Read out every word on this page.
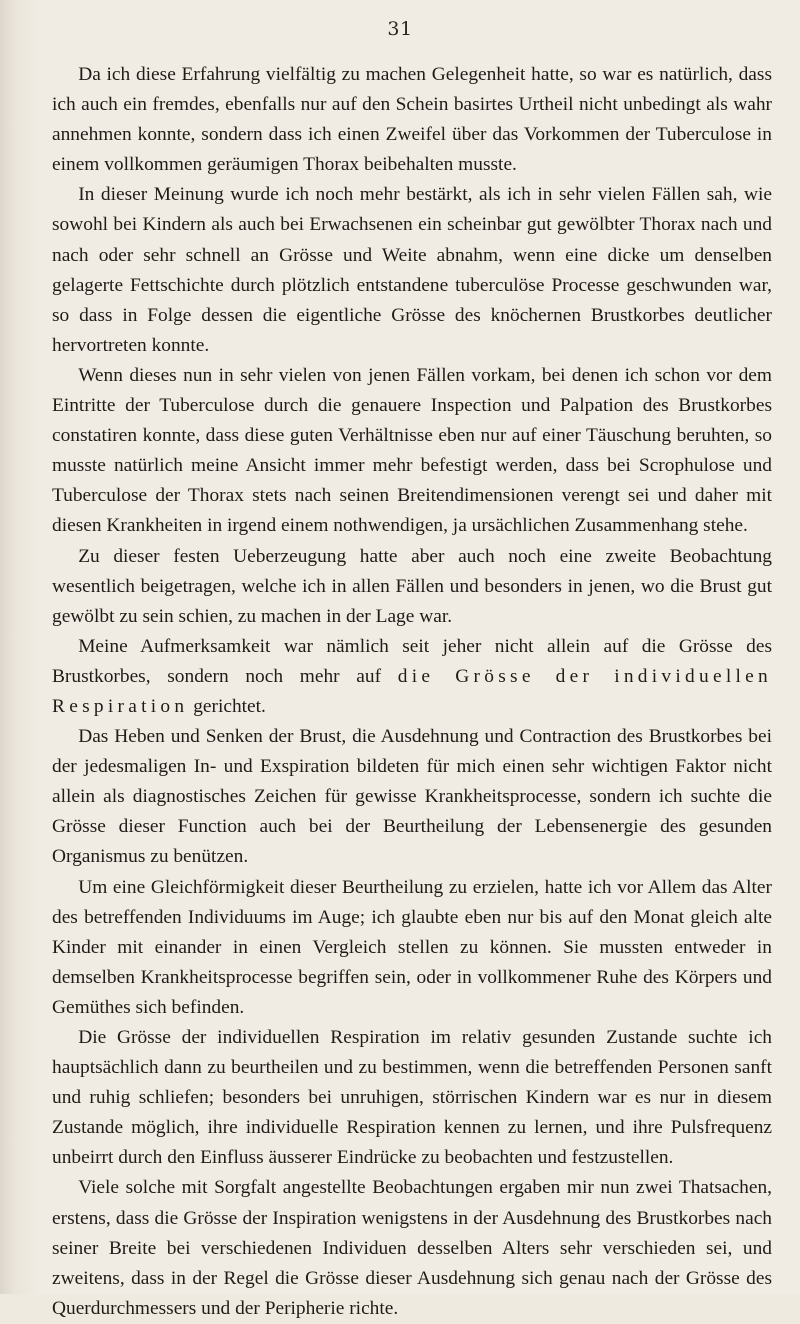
31

Da ich diese Erfahrung vielfältig zu machen Gelegenheit hatte, so war es natürlich, dass ich auch ein fremdes, ebenfalls nur auf den Schein basirtes Urtheil nicht unbedingt als wahr annehmen konnte, sondern dass ich einen Zweifel über das Vorkommen der Tuberculose in einem vollkommen geräumigen Thorax beibehalten musste.

In dieser Meinung wurde ich noch mehr bestärkt, als ich in sehr vielen Fällen sah, wie sowohl bei Kindern als auch bei Erwachsenen ein scheinbar gut gewölbter Thorax nach und nach oder sehr schnell an Grösse und Weite abnahm, wenn eine dicke um denselben gelagerte Fettschichte durch plötzlich entstandene tuberculöse Processe geschwunden war, so dass in Folge dessen die eigentliche Grösse des knöchernen Brustkorbes deutlicher hervortreten konnte.

Wenn dieses nun in sehr vielen von jenen Fällen vorkam, bei denen ich schon vor dem Eintritte der Tuberculose durch die genauere Inspection und Palpation des Brustkorbes constatiren konnte, dass diese guten Verhältnisse eben nur auf einer Täuschung beruhten, so musste natürlich meine Ansicht immer mehr befestigt werden, dass bei Scrophulose und Tuberculose der Thorax stets nach seinen Breitendimensionen verengt sei und daher mit diesen Krankheiten in irgend einem nothwendigen, ja ursächlichen Zusammenhang stehe.

Zu dieser festen Ueberzeugung hatte aber auch noch eine zweite Beobachtung wesentlich beigetragen, welche ich in allen Fällen und besonders in jenen, wo die Brust gut gewölbt zu sein schien, zu machen in der Lage war.

Meine Aufmerksamkeit war nämlich seit jeher nicht allein auf die Grösse des Brustkorbes, sondern noch mehr auf die Grösse der individuellen Respiration gerichtet.

Das Heben und Senken der Brust, die Ausdehnung und Contraction des Brustkorbes bei der jedesmaligen In- und Exspiration bildeten für mich einen sehr wichtigen Faktor nicht allein als diagnostisches Zeichen für gewisse Krankheitsprocesse, sondern ich suchte die Grösse dieser Function auch bei der Beurtheilung der Lebensenergie des gesunden Organismus zu benützen.

Um eine Gleichförmigkeit dieser Beurtheilung zu erzielen, hatte ich vor Allem das Alter des betreffenden Individuums im Auge; ich glaubte eben nur bis auf den Monat gleich alte Kinder mit einander in einen Vergleich stellen zu können. Sie mussten entweder in demselben Krankheitsprocesse begriffen sein, oder in vollkommener Ruhe des Körpers und Gemüthes sich befinden.

Die Grösse der individuellen Respiration im relativ gesunden Zustande suchte ich hauptsächlich dann zu beurtheilen und zu bestimmen, wenn die betreffenden Personen sanft und ruhig schliefen; besonders bei unruhigen, störrischen Kindern war es nur in diesem Zustande möglich, ihre individuelle Respiration kennen zu lernen, und ihre Pulsfrequenz unbeirrt durch den Einfluss äusserer Eindrücke zu beobachten und festzustellen.

Viele solche mit Sorgfalt angestellte Beobachtungen ergaben mir nun zwei Thatsachen, erstens, dass die Grösse der Inspiration wenigstens in der Ausdehnung des Brustkorbes nach seiner Breite bei verschiedenen Individuen desselben Alters sehr verschieden sei, und zweitens, dass in der Regel die Grösse dieser Ausdehnung sich genau nach der Grösse des Querdurchmessers und der Peripherie richte.
